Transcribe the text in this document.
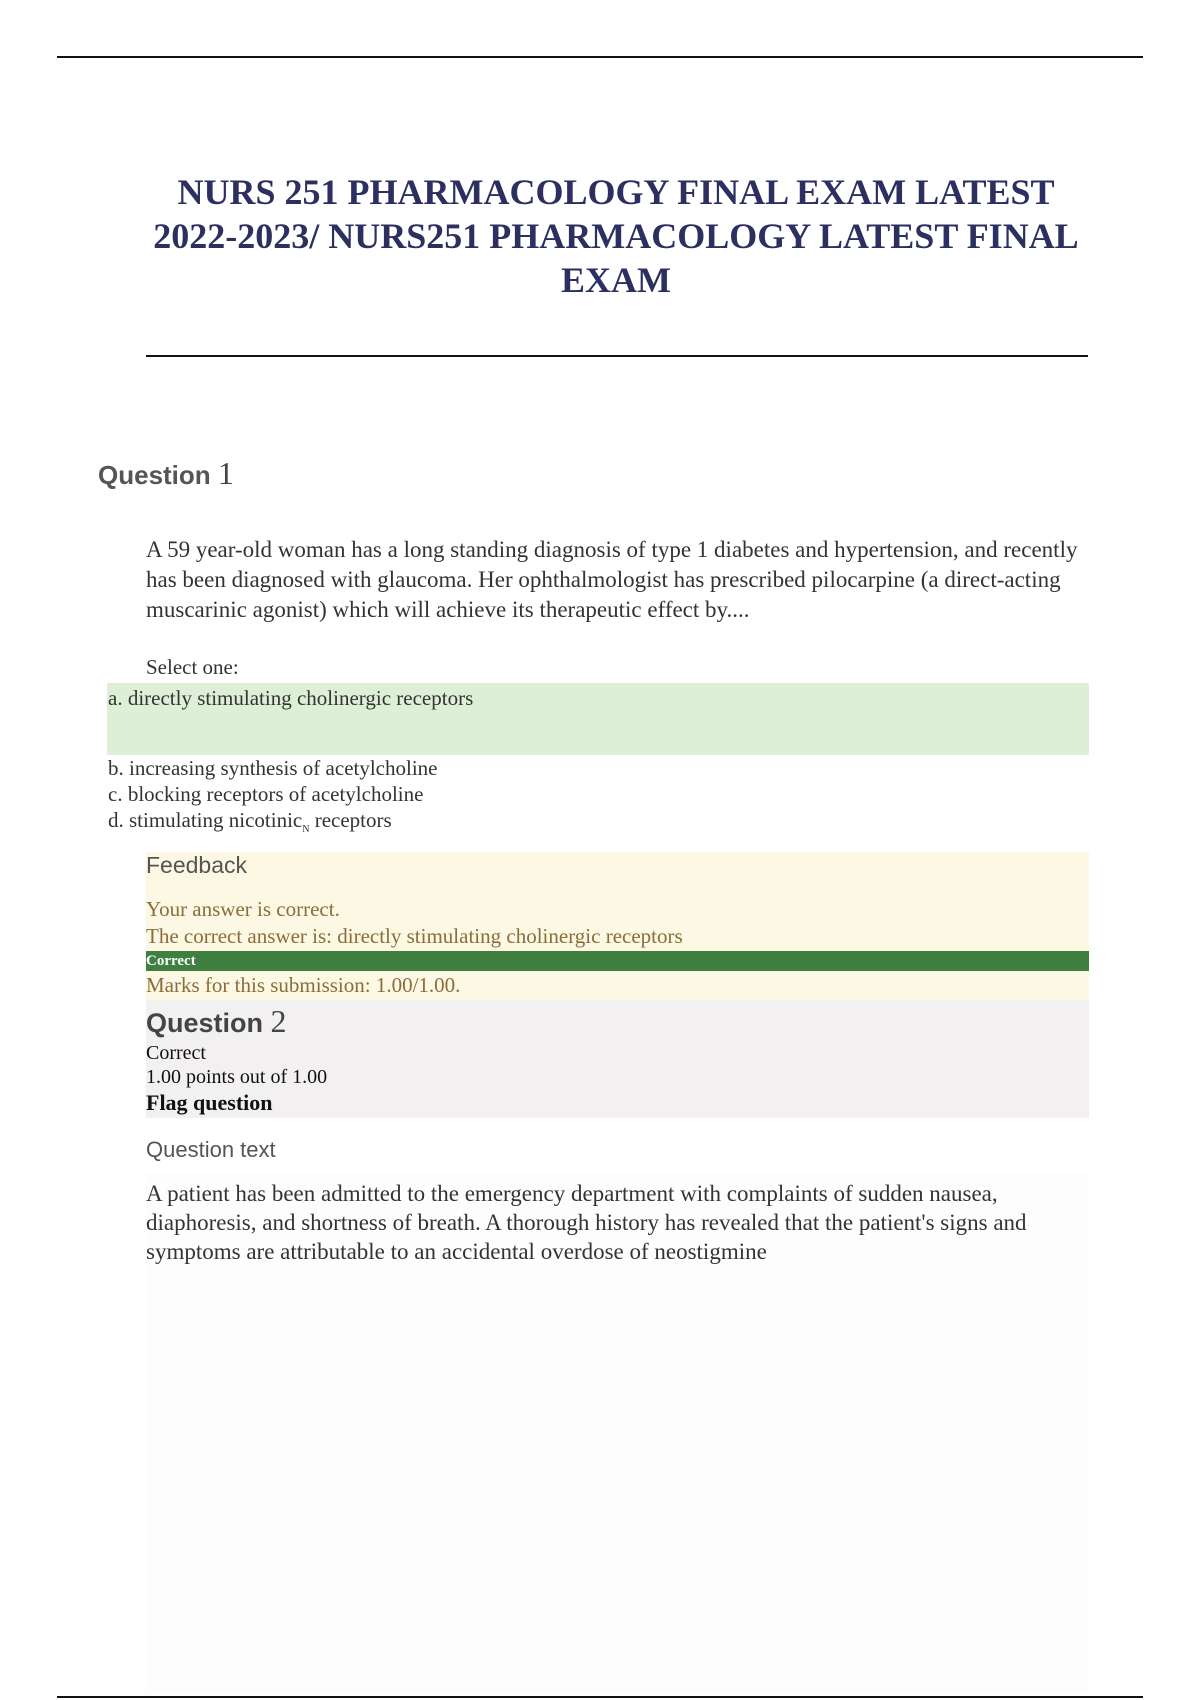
NURS 251 PHARMACOLOGY FINAL EXAM LATEST 2022-2023/ NURS251 PHARMACOLOGY LATEST FINAL EXAM
Question 1
A 59 year-old woman has a long standing diagnosis of type 1 diabetes and hypertension, and recently has been diagnosed with glaucoma. Her ophthalmologist has prescribed pilocarpine (a direct-acting muscarinic agonist) which will achieve its therapeutic effect by....
Select one:
a. directly stimulating cholinergic receptors
b. increasing synthesis of acetylcholine
c. blocking receptors of acetylcholine
d. stimulating nicotinic$_N$ receptors
Feedback
Your answer is correct.
The correct answer is: directly stimulating cholinergic receptors
Correct
Marks for this submission: 1.00/1.00.
Question 2
Correct
1.00 points out of 1.00
Flag question
Question text
A patient has been admitted to the emergency department with complaints of sudden nausea, diaphoresis, and shortness of breath. A thorough history has revealed that the patient's signs and symptoms are attributable to an accidental overdose of neostigmine
